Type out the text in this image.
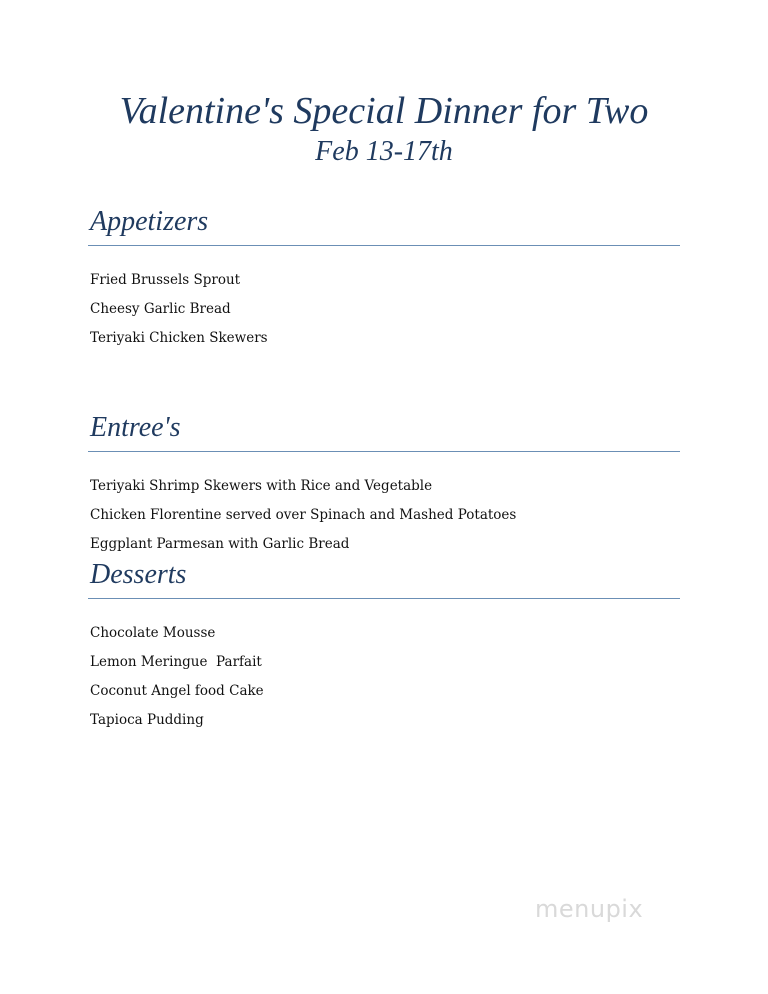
Valentine's Special Dinner for Two
Feb 13-17th
Appetizers
Fried Brussels Sprout
Cheesy Garlic Bread
Teriyaki Chicken Skewers
Entree's
Teriyaki Shrimp Skewers with Rice and Vegetable
Chicken Florentine served over Spinach and Mashed Potatoes
Eggplant Parmesan with Garlic Bread
Desserts
Chocolate Mousse
Lemon Meringue  Parfait
Coconut Angel food Cake
Tapioca Pudding
menupix
